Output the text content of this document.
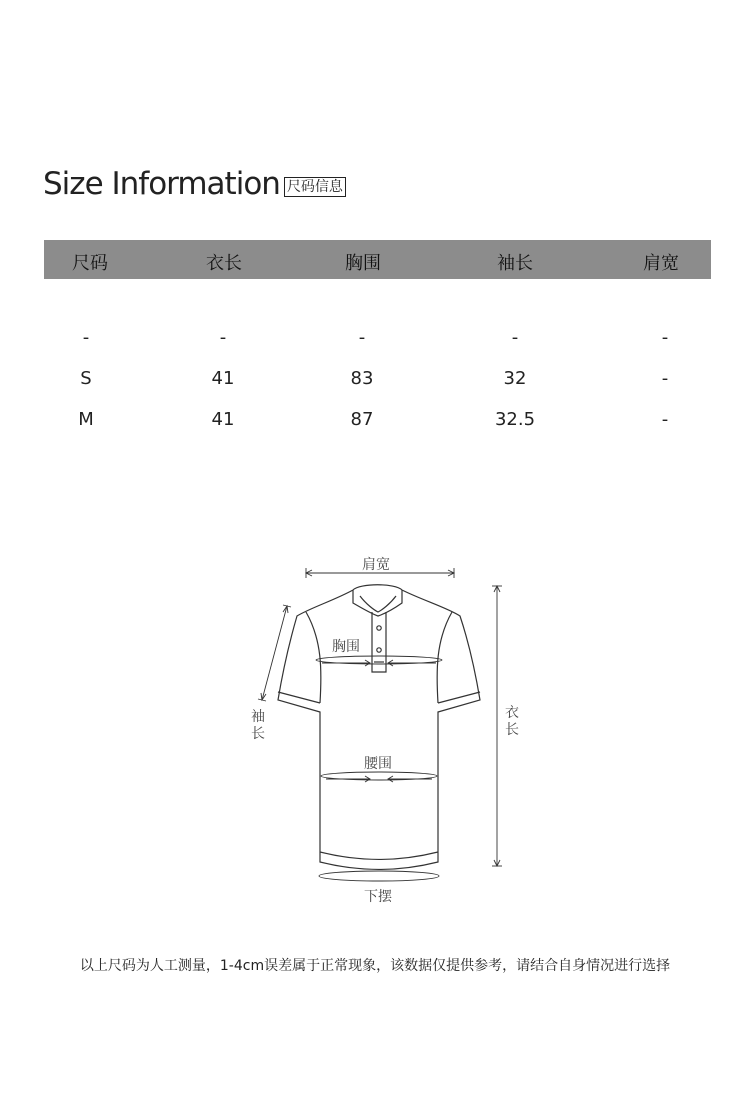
Size Information 尺码信息
尺码	衣长	胸围	袖长	肩宽
-	-	-	-	-
S	41	83	32	-
M	41	87	32.5	-
肩宽
胸围
袖
长
衣
长
腰围
下摆
以上尺码为人工测量，1-4cm误差属于正常现象，该数据仅提供参考，请结合自身情况进行选择
